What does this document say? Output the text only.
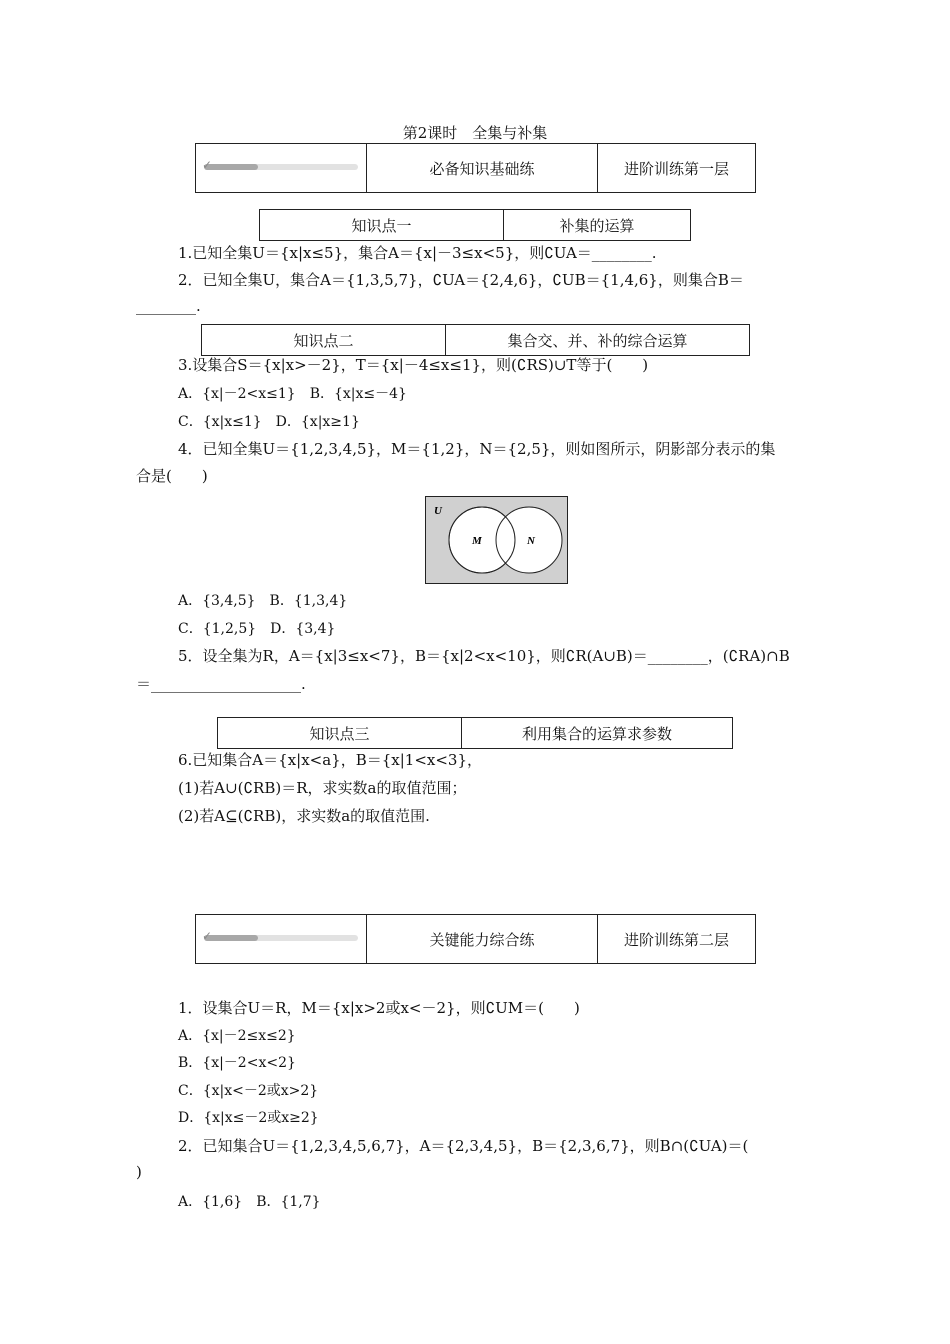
第2课时　全集与补集
✓	必备知识基础练	进阶训练第一层
知识点一	补集的运算
1.已知全集U＝{x|x≤5}，集合A＝{x|－3≤x<5}，则∁UA＝________.
2．已知全集U，集合A＝{1,3,5,7}，∁UA＝{2,4,6}，∁UB＝{1,4,6}，则集合B＝
________.
知识点二	集合交、并、补的综合运算
3.设集合S＝{x|x>－2}，T＝{x|－4≤x≤1}，则(∁RS)∪T等于(　　)
A．{x|－2<x≤1}　B．{x|x≤－4}
C．{x|x≤1}　D．{x|x≥1}
4．已知全集U＝{1,2,3,4,5}，M＝{1,2}，N＝{2,5}，则如图所示，阴影部分表示的集
合是(　　)
U
M	N
A．{3,4,5}　B．{1,3,4}
C．{1,2,5}　D．{3,4}
5．设全集为R，A＝{x|3≤x<7}，B＝{x|2<x<10}，则∁R(A∪B)＝________，(∁RA)∩B
＝____________________.
知识点三	利用集合的运算求参数
6.已知集合A＝{x|x<a}，B＝{x|1<x<3}，
(1)若A∪(∁RB)＝R，求实数a的取值范围；
(2)若A⊆(∁RB)，求实数a的取值范围.
✓	关键能力综合练	进阶训练第二层
1．设集合U＝R，M＝{x|x>2或x<－2}，则∁UM＝(　　)
A．{x|－2≤x≤2}
B．{x|－2<x<2}
C．{x|x<－2或x>2}
D．{x|x≤－2或x≥2}
2．已知集合U＝{1,2,3,4,5,6,7}，A＝{2,3,4,5}，B＝{2,3,6,7}，则B∩(∁UA)＝(
)
A．{1,6}　B．{1,7}
